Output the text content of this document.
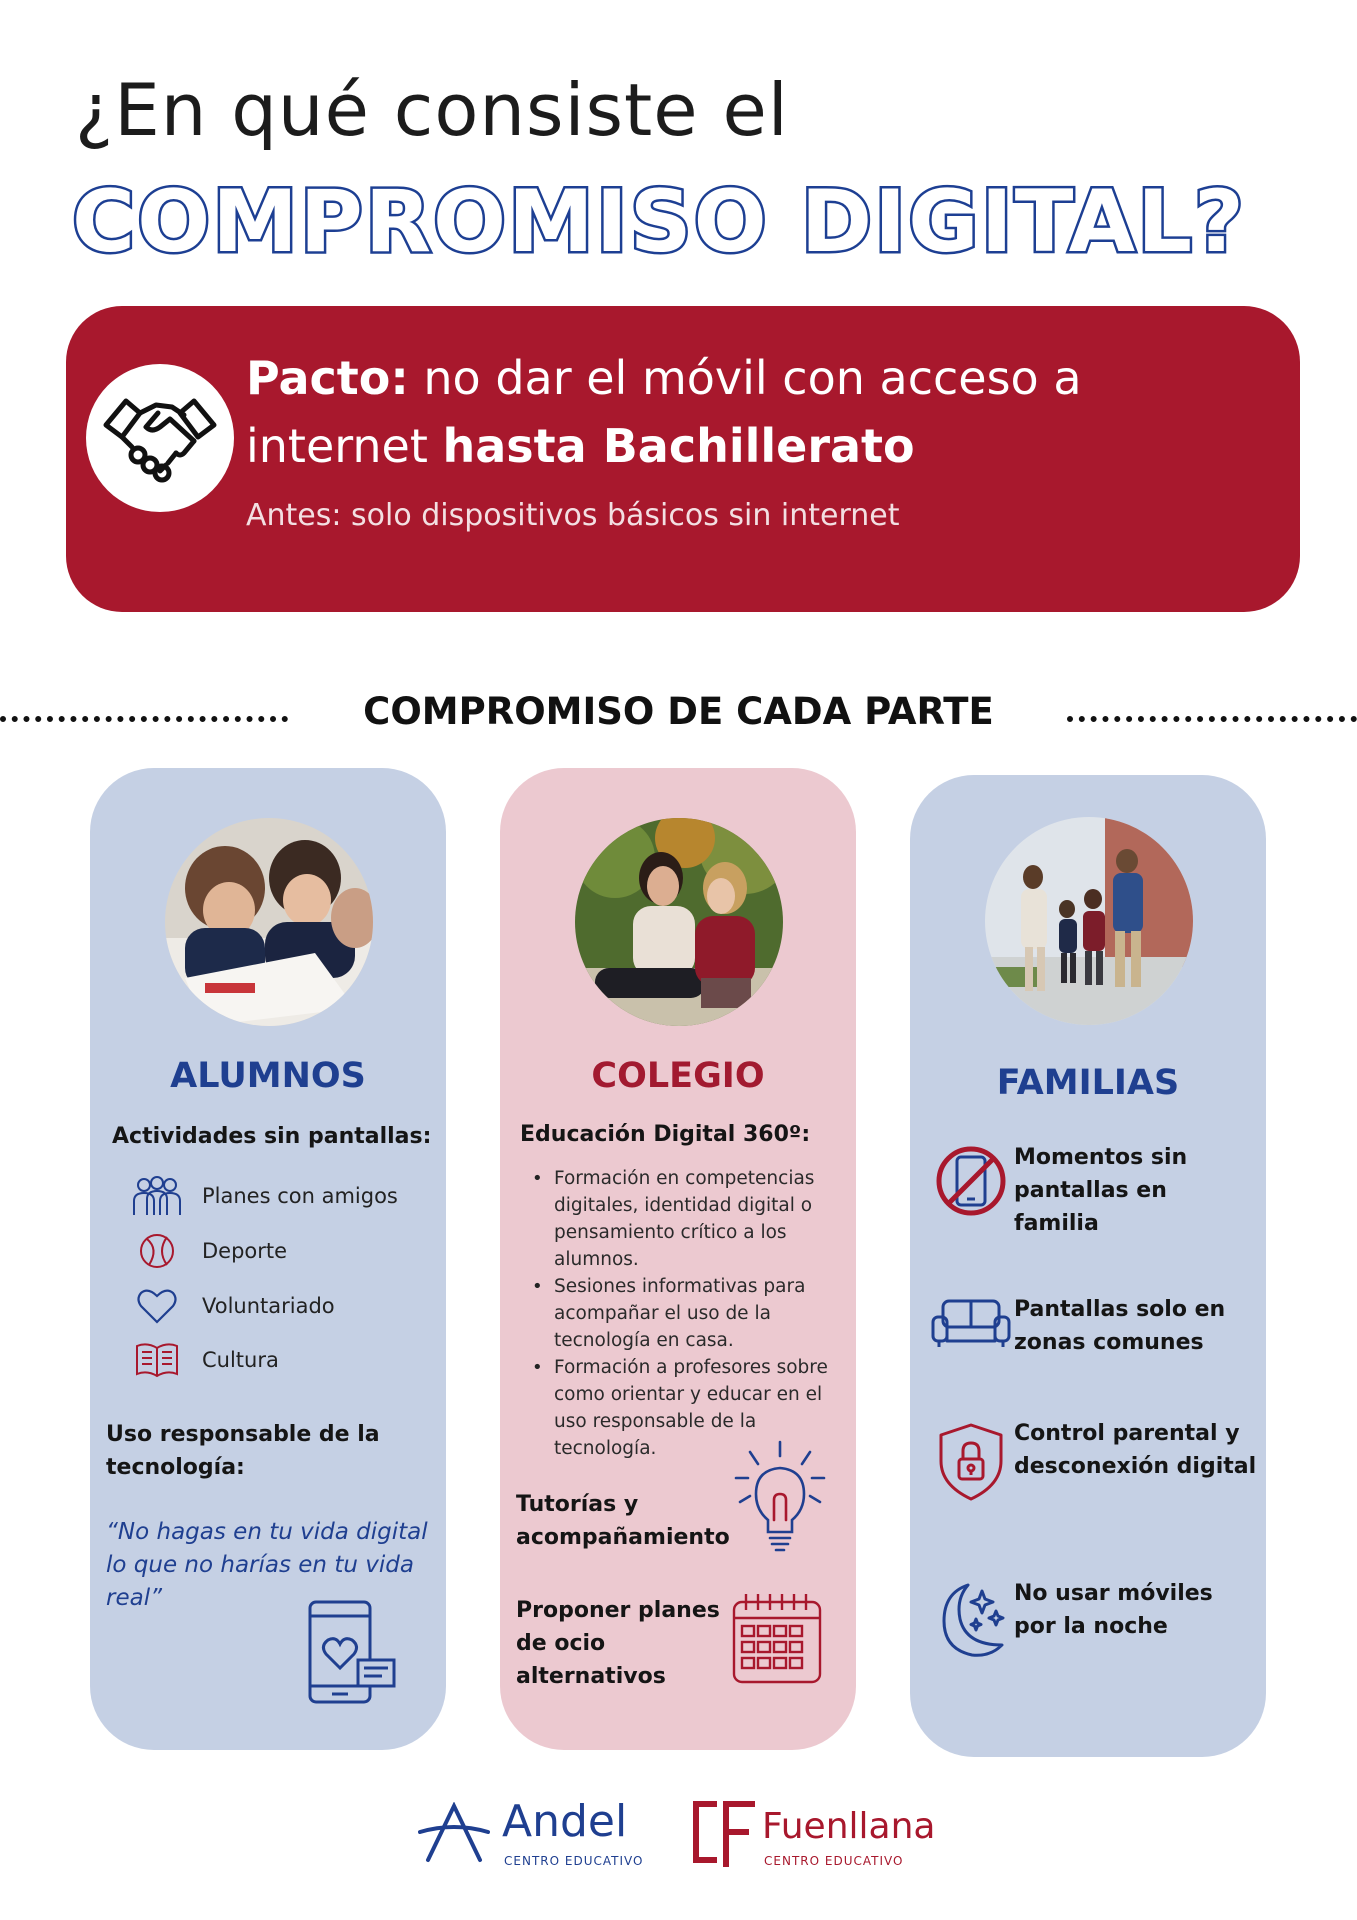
¿En qué consiste el
COMPROMISO DIGITAL?
Pacto: no dar el móvil con acceso a internet hasta Bachillerato
Antes: solo dispositivos básicos sin internet
COMPROMISO DE CADA PARTE
ALUMNOS
Actividades sin pantallas:
Planes con amigos
Deporte
Voluntariado
Cultura
Uso responsable de la tecnología:
“No hagas en tu vida digital lo que no harías en tu vida real”
COLEGIO
Educación Digital 360º:
• Formación en competencias digitales, identidad digital o pensamiento crítico a los alumnos.
• Sesiones informativas para acompañar el uso de la tecnología en casa.
• Formación a profesores sobre como orientar y educar en el uso responsable de la tecnología.
Tutorías y acompañamiento
Proponer planes de ocio alternativos
FAMILIAS
Momentos sin pantallas en familia
Pantallas solo en zonas comunes
Control parental y desconexión digital
No usar móviles por la noche
Andel
CENTRO EDUCATIVO
Fuenllana
CENTRO EDUCATIVO
